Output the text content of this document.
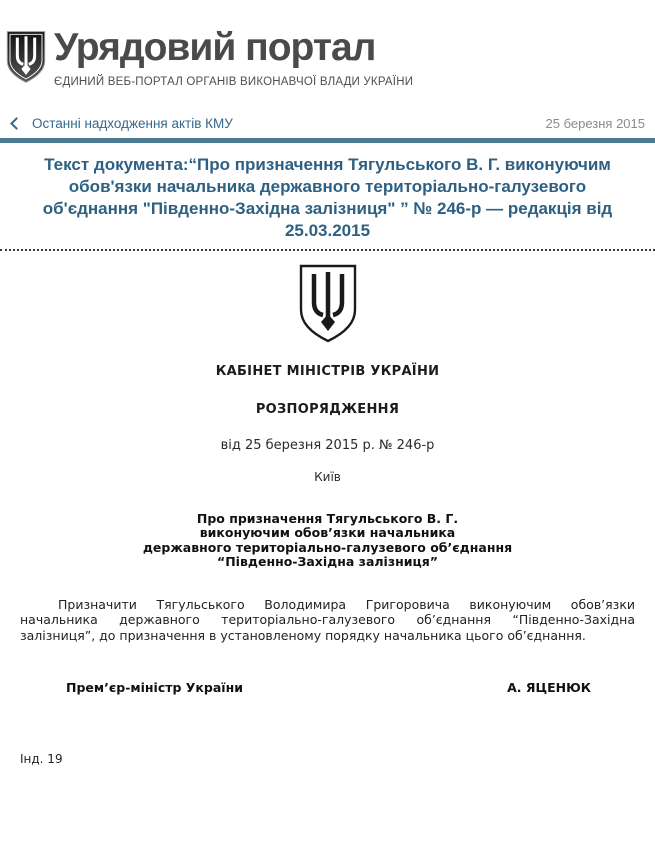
Урядовий портал
ЄДИНИЙ ВЕБ-ПОРТАЛ ОРГАНІВ ВИКОНАВЧОЇ ВЛАДИ УКРАЇНИ
Останні надходження актів КМУ	25 березня 2015
Текст документа:“Про призначення Тягульського В. Г. виконуючим
обов'язки начальника державного територіально-галузевого
об'єднання "Південно-Західна залізниця" ” № 246-р — редакція від
25.03.2015
КАБІНЕТ МІНІСТРІВ УКРАЇНИ
РОЗПОРЯДЖЕННЯ
від 25 березня 2015 р. № 246-р
Київ
Про призначення Тягульського В. Г.
виконуючим обов’язки начальника
державного територіально-галузевого об’єднання
“Південно-Західна залізниця”
Призначити Тягульського Володимира Григоровича виконуючим обов’язки начальника державного територіально-галузевого об’єднання “Південно-Західна залізниця”, до призначення в установленому порядку начальника цього об’єднання.
Прем’єр-міністр України	А. ЯЦЕНЮК
Інд. 19
